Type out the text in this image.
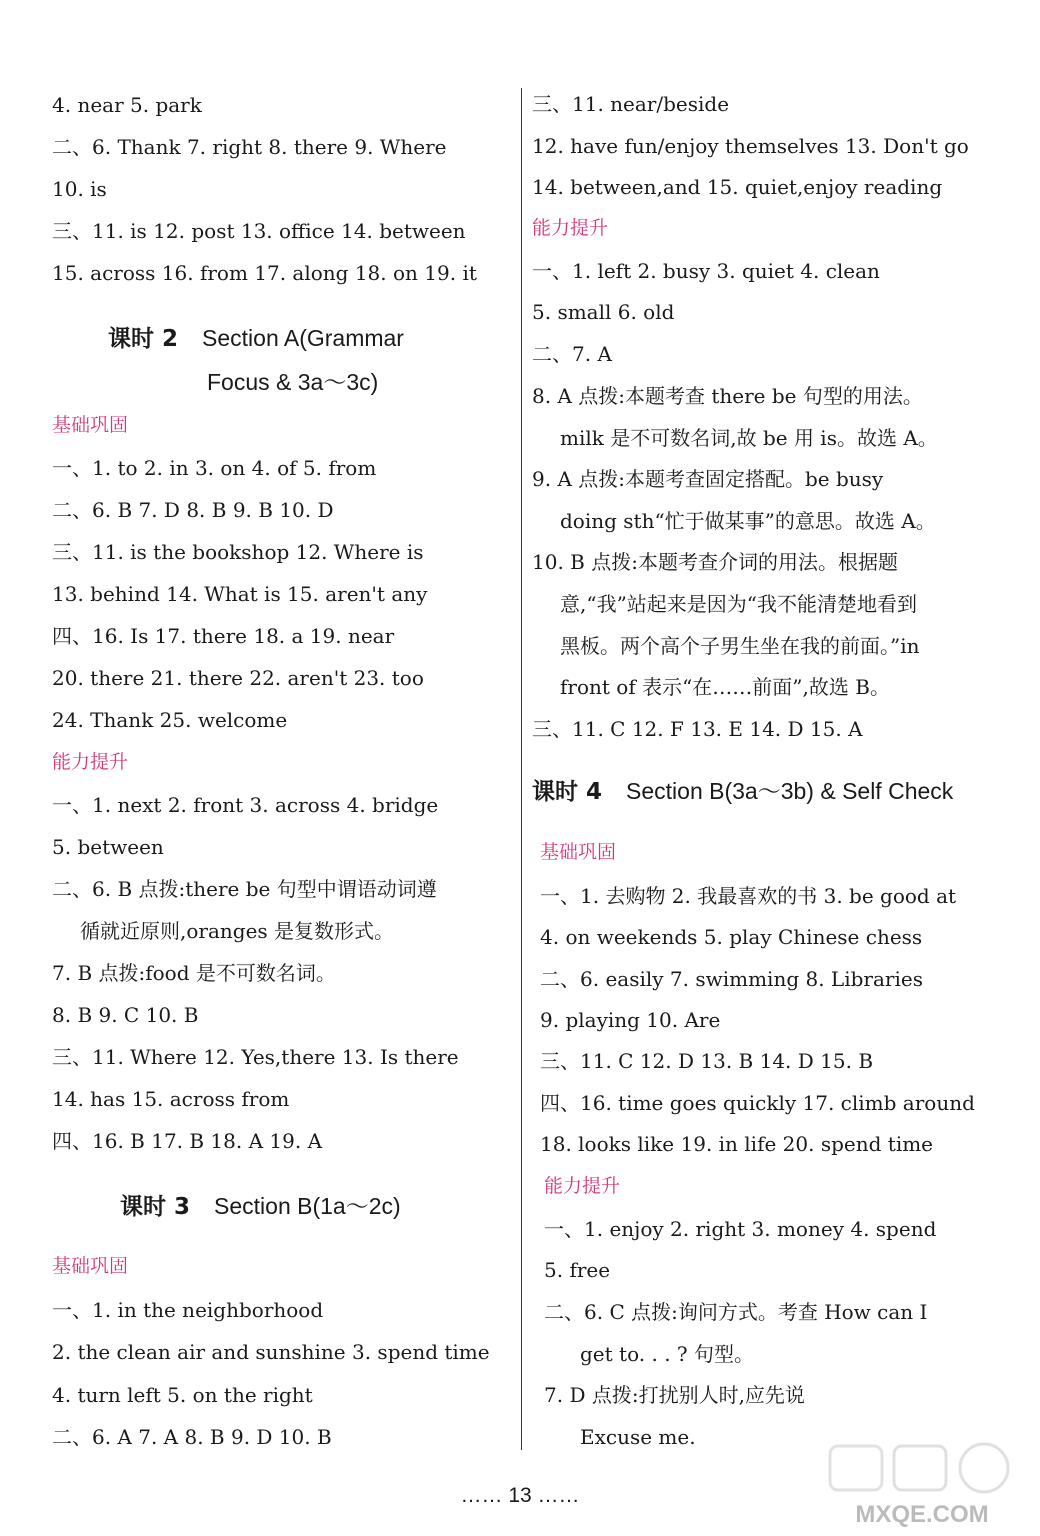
4. near 5. park
二、6. Thank 7. right 8. there 9. Where
10. is
三、11. is 12. post 13. office 14. between
15. across 16. from 17. along 18. on 19. it
课时 2 Section A(Grammar
Focus & 3a～3c)
基础巩固
一、1. to 2. in 3. on 4. of 5. from
二、6. B 7. D 8. B 9. B 10. D
三、11. is the bookshop 12. Where is
13. behind 14. What is 15. aren't any
四、16. Is 17. there 18. a 19. near
20. there 21. there 22. aren't 23. too
24. Thank 25. welcome
能力提升
一、1. next 2. front 3. across 4. bridge
5. between
二、6. B 点拨:there be 句型中谓语动词遵
循就近原则,oranges 是复数形式。
7. B 点拨:food 是不可数名词。
8. B 9. C 10. B
三、11. Where 12. Yes,there 13. Is there
14. has 15. across from
四、16. B 17. B 18. A 19. A
课时 3 Section B(1a～2c)
基础巩固
一、1. in the neighborhood
2. the clean air and sunshine 3. spend time
4. turn left 5. on the right
二、6. A 7. A 8. B 9. D 10. B
三、11. near/beside
12. have fun/enjoy themselves 13. Don't go
14. between,and 15. quiet,enjoy reading
能力提升
一、1. left 2. busy 3. quiet 4. clean
5. small 6. old
二、7. A
8. A 点拨:本题考查 there be 句型的用法。
milk 是不可数名词,故 be 用 is。故选 A。
9. A 点拨:本题考查固定搭配。be busy
doing sth“忙于做某事”的意思。故选 A。
10. B 点拨:本题考查介词的用法。根据题
意,“我”站起来是因为“我不能清楚地看到
黑板。两个高个子男生坐在我的前面。”in
front of 表示“在……前面”,故选 B。
三、11. C 12. F 13. E 14. D 15. A
课时 4 Section B(3a～3b) & Self Check
基础巩固
一、1. 去购物 2. 我最喜欢的书 3. be good at
4. on weekends 5. play Chinese chess
二、6. easily 7. swimming 8. Libraries
9. playing 10. Are
三、11. C 12. D 13. B 14. D 15. B
四、16. time goes quickly 17. climb around
18. looks like 19. in life 20. spend time
能力提升
一、1. enjoy 2. right 3. money 4. spend
5. free
二、6. C 点拨:询问方式。考查 How can I
get to. . . ? 句型。
7. D 点拨:打扰别人时,应先说
Excuse me.
…… 13 ……
MXQE.COM
